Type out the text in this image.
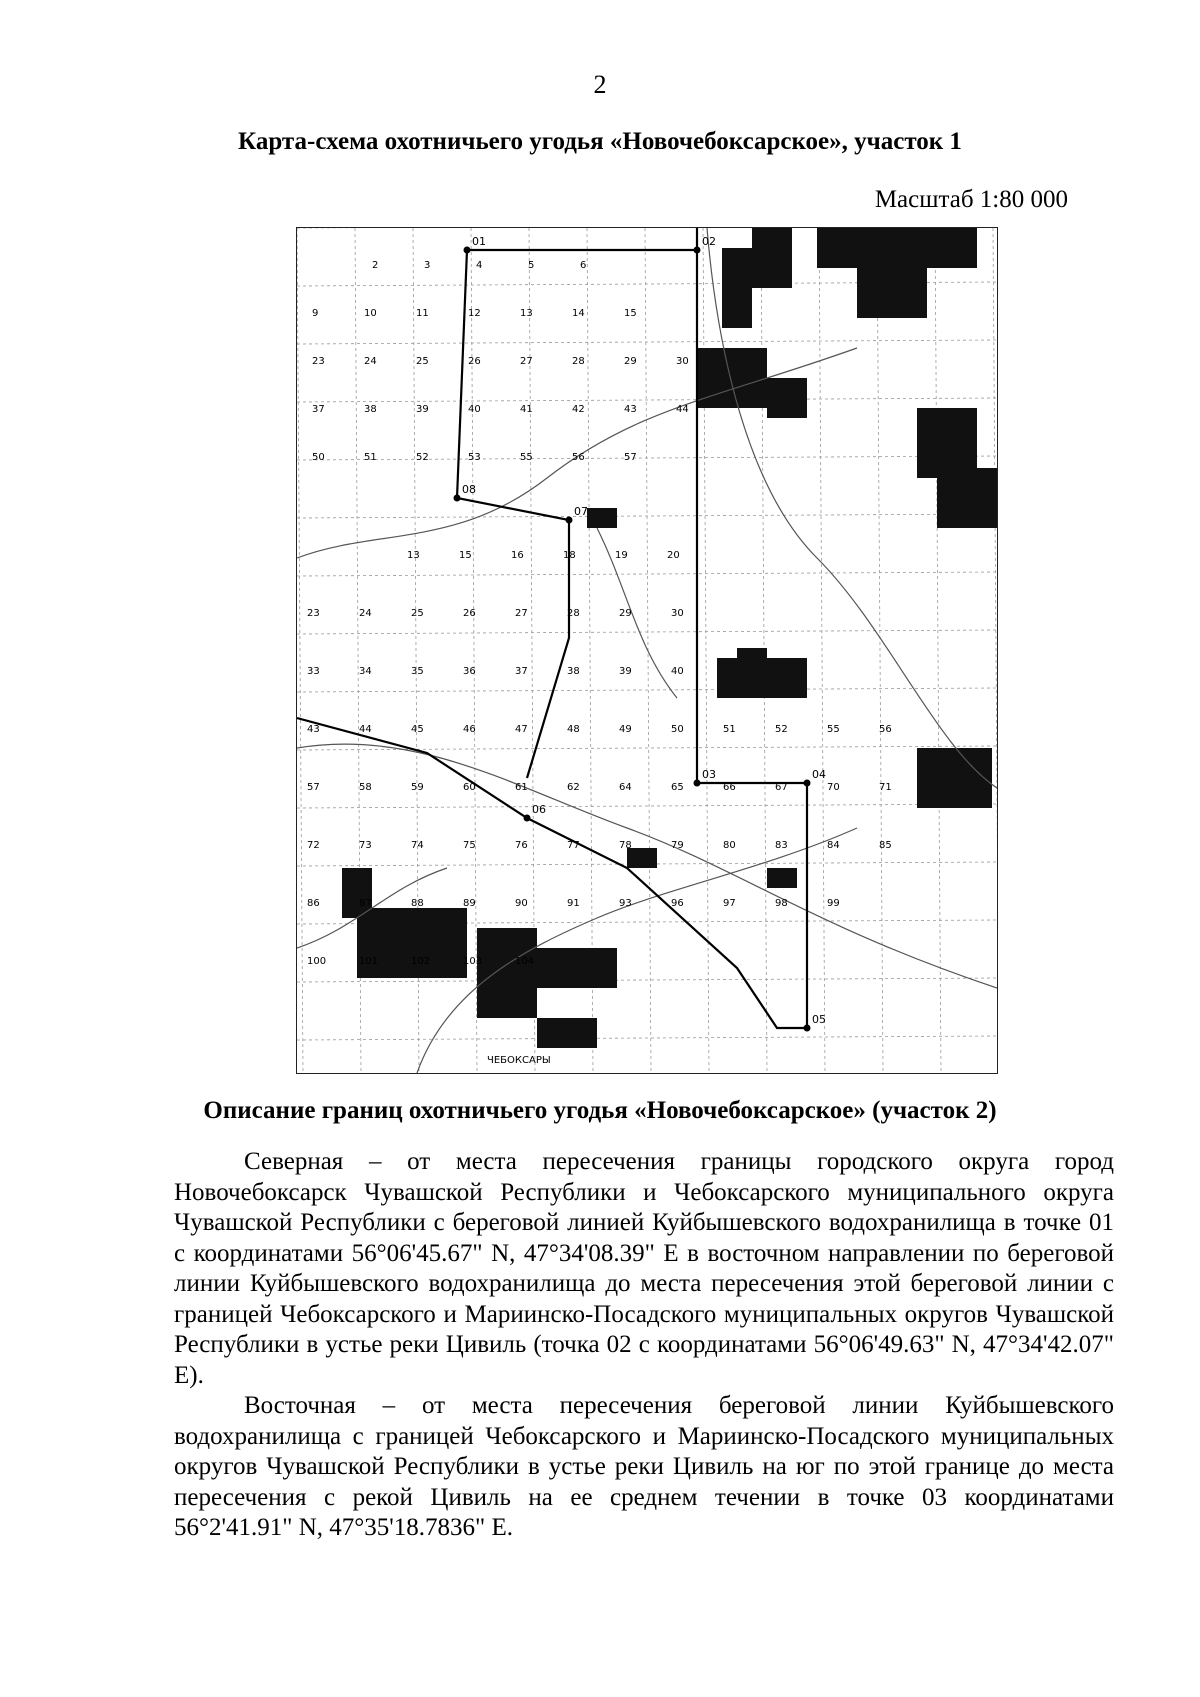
2
Карта-схема охотничьего угодья «Новочебоксарское», участок 1
Масштаб 1:80 000
2	3	4	5	6
9	10	11	12	13	14	15
23	24	25	26	27	28	29	30
37	38	39	40	41	42	43	44
50	51	52	53	55	56	57
13	15	16	18	19	20
23	24	25	26	27	28	29	30
33	34	35	36	37	38	39	40
43	44	45	46	47	48	49	50	51	52	55	56
57	58	59	60	61	62	64	65	66	67	70	71
72	73	74	75	76	77	78	79	80	83	84	85
86	87	88	89	90	91	93	96	97	98	99
100	101	102	103	104
01	02
03	04
05
06
07
08
ЧЕБОКСАРЫ
Описание границ охотничьего угодья «Новочебоксарское» (участок 2)

Северная – от места пересечения границы городского округа город Новочебоксарск Чувашской Республики и Чебоксарского муниципального округа Чувашской Республики с береговой линией Куйбышевского водохранилища в точке 01 с координатами 56°06'45.67" N, 47°34'08.39" E в восточном направлении по береговой линии Куйбышевского водохранилища до места пересечения этой береговой линии с границей Чебоксарского и Мариинско-Посадского муниципальных округов Чувашской Республики в устье реки Цивиль (точка 02 с координатами 56°06'49.63" N, 47°34'42.07" E).

Восточная – от места пересечения береговой линии Куйбышевского водохранилища с границей Чебоксарского и Мариинско-Посадского муниципальных округов Чувашской Республики в устье реки Цивиль на юг по этой границе до места пересечения с рекой Цивиль на ее среднем течении в точке 03 координатами 56°2'41.91" N, 47°35'18.7836" E.
